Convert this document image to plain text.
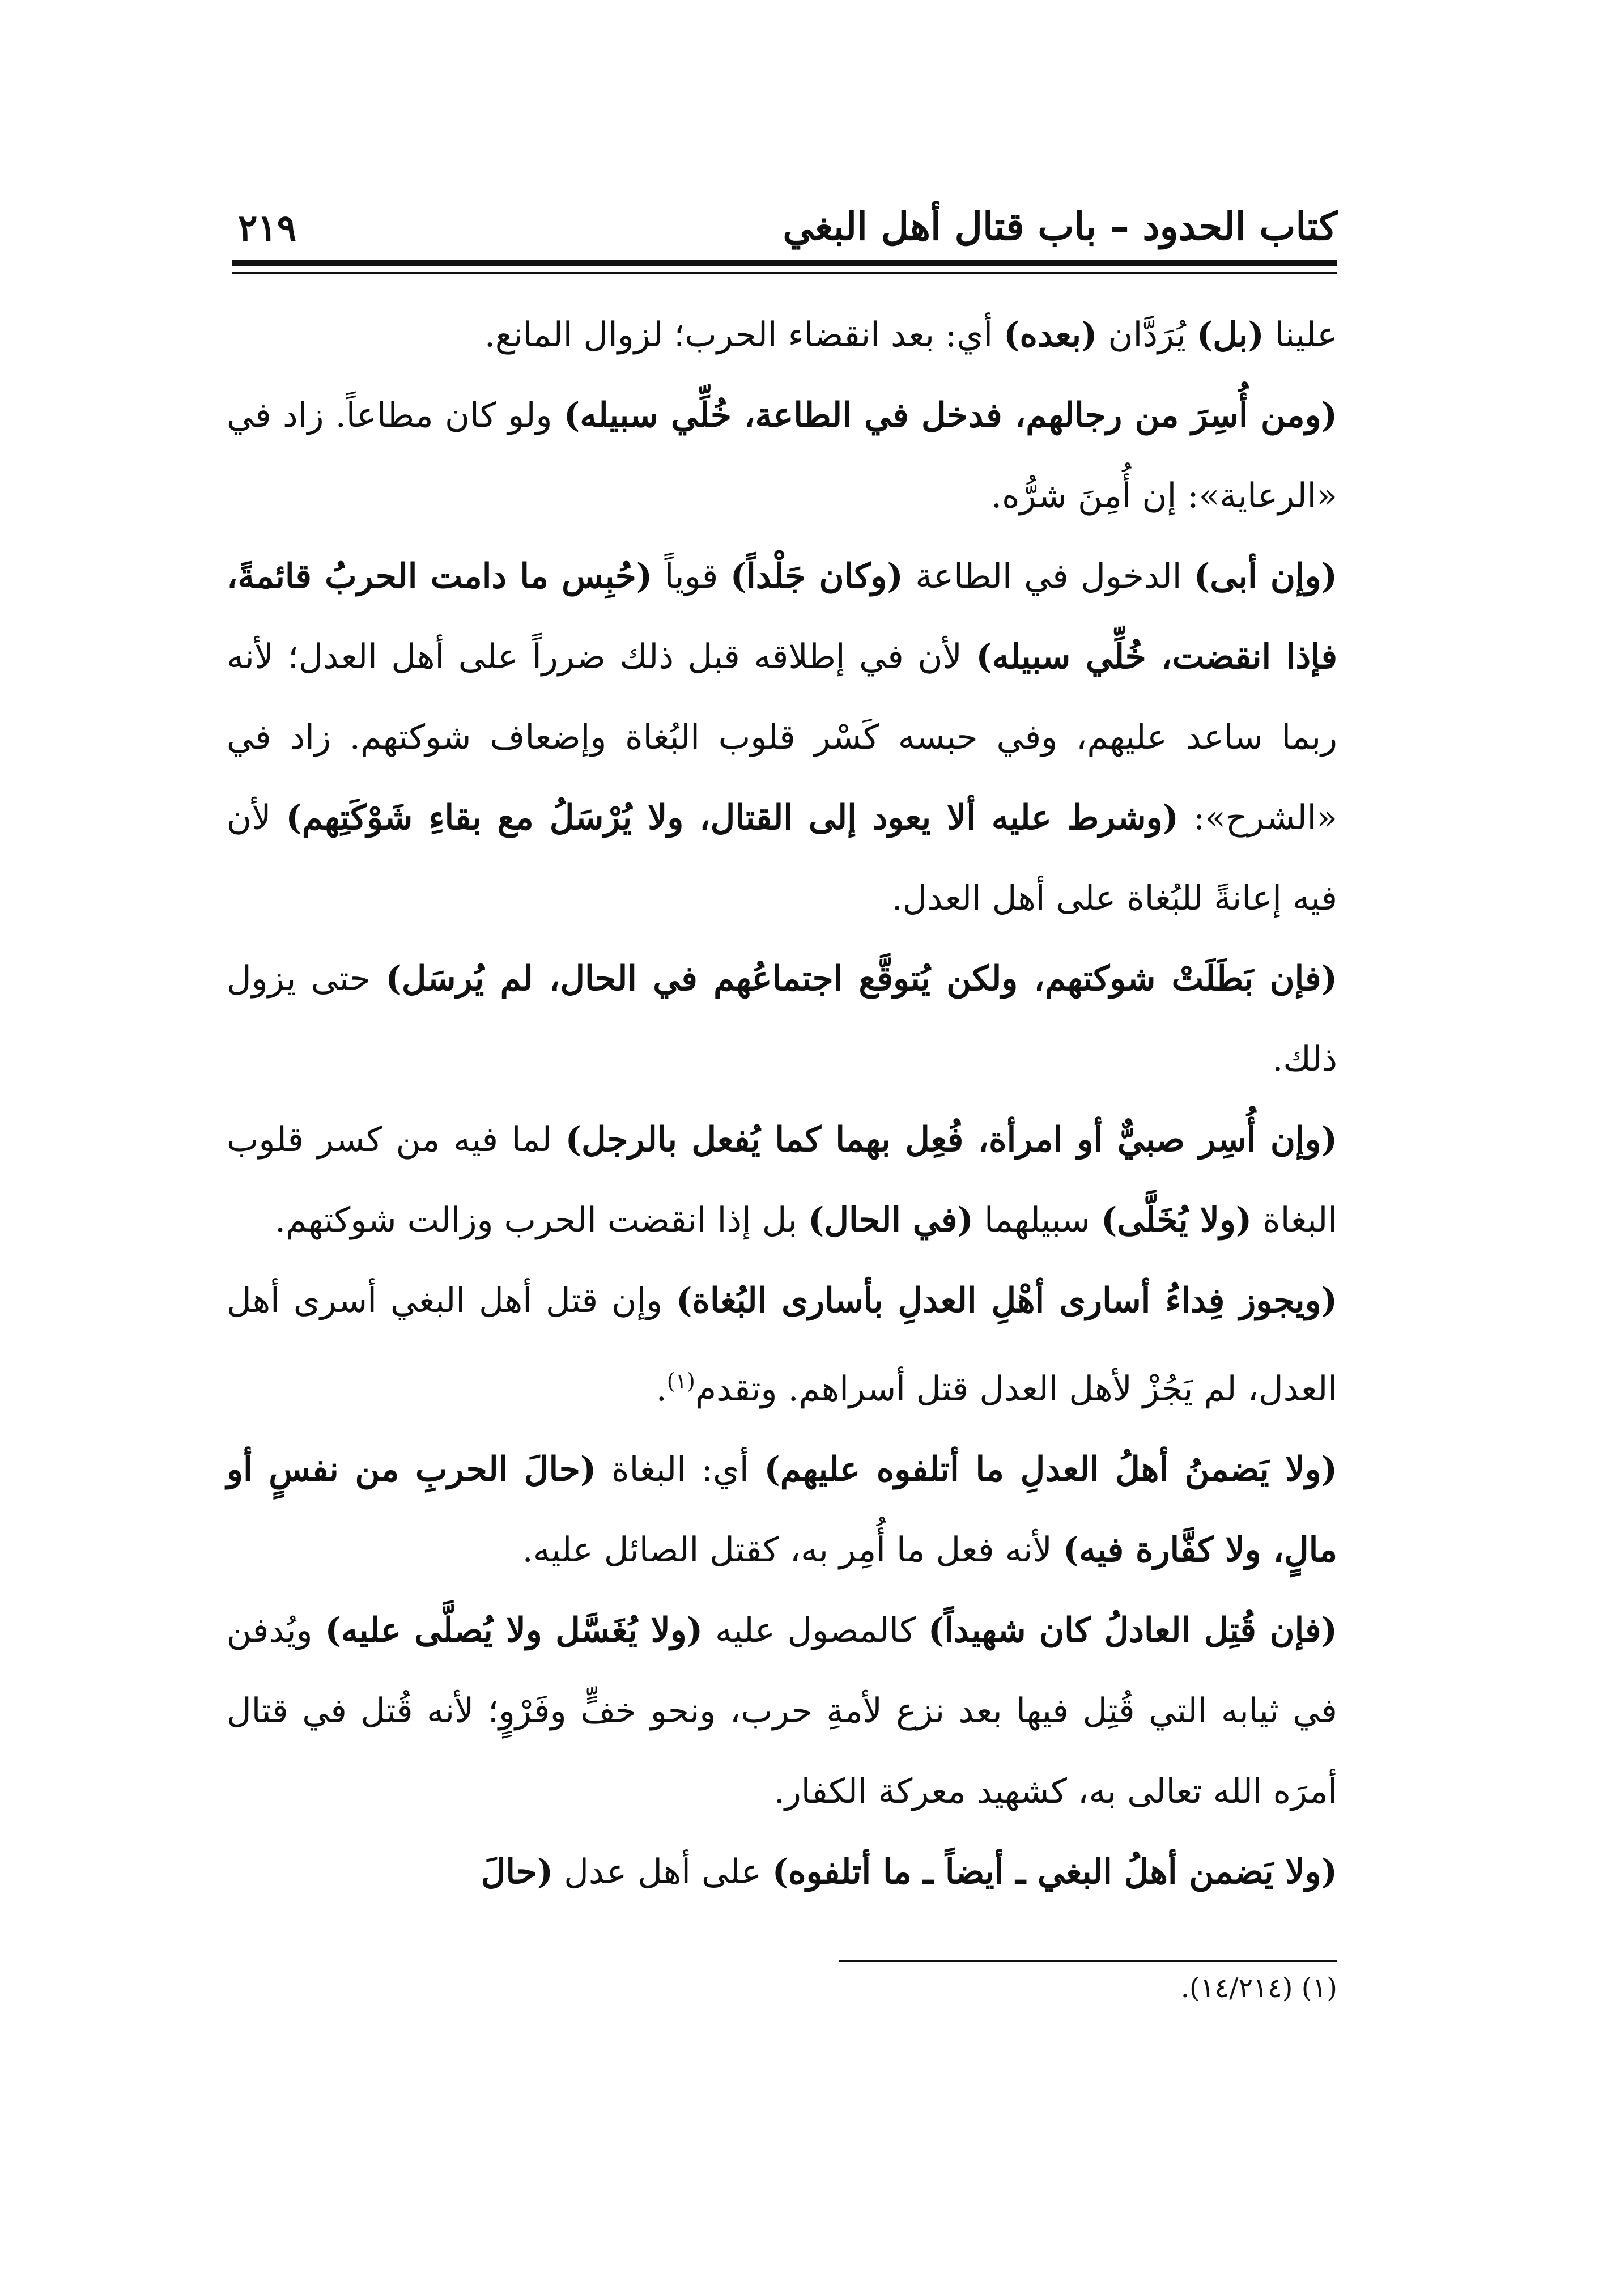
٢١٩	كتاب الحدود – باب قتال أهل البغي

علينا (بل) يُرَدَّان (بعده) أي: بعد انقضاء الحرب؛ لزوال المانع.

(ومن أُسِرَ من رجالهم، فدخل في الطاعة، خُلِّي سبيله) ولو كان مطاعاً. زاد في «الرعاية»: إن أُمِنَ شرُّه.

(وإن أبى) الدخول في الطاعة (وكان جَلْداً) قوياً (حُبِس ما دامت الحربُ قائمةً، فإذا انقضت، خُلِّي سبيله) لأن في إطلاقه قبل ذلك ضرراً على أهل العدل؛ لأنه ربما ساعد عليهم، وفي حبسه كَسْر قلوب البُغاة وإضعاف شوكتهم. زاد في «الشرح»: (وشرط عليه ألا يعود إلى القتال، ولا يُرْسَلُ مع بقاءِ شَوْكَتِهم) لأن فيه إعانةً للبُغاة على أهل العدل.

(فإن بَطَلَتْ شوكتهم، ولكن يُتوقَّع اجتماعُهم في الحال، لم يُرسَل) حتى يزول ذلك.

(وإن أُسِر صبيٌّ أو امرأة، فُعِل بهما كما يُفعل بالرجل) لما فيه من كسر قلوب البغاة (ولا يُخَلَّى) سبيلهما (في الحال) بل إذا انقضت الحرب وزالت شوكتهم.

(ويجوز فِداءُ أسارى أهْلِ العدلِ بأسارى البُغاة) وإن قتل أهل البغي أسرى أهل العدل، لم يَجُزْ لأهل العدل قتل أسراهم. وتقدم$^{(١)}$.

(ولا يَضمنُ أهلُ العدلِ ما أتلفوه عليهم) أي: البغاة (حالَ الحربِ من نفسٍ أو مالٍ، ولا كفَّارة فيه) لأنه فعل ما أُمِر به، كقتل الصائل عليه.

(فإن قُتِل العادلُ كان شهيداً) كالمصول عليه (ولا يُغَسَّل ولا يُصلَّى عليه) ويُدفن في ثيابه التي قُتِل فيها بعد نزع لأمةِ حرب، ونحو خفٍّ وفَرْوٍ؛ لأنه قُتل في قتال أمرَه الله تعالى به، كشهيد معركة الكفار.

(ولا يَضمن أهلُ البغي ـ أيضاً ـ ما أتلفوه) على أهل عدل (حالَ

(١) (١٤/٢١٤).
